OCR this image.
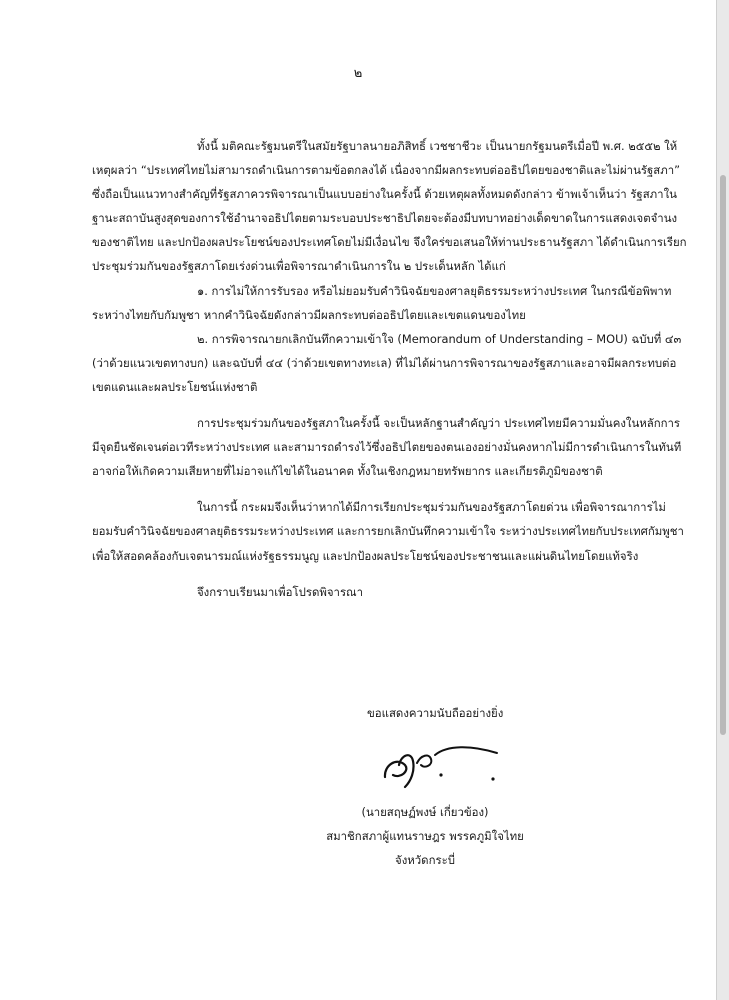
๒

ทั้งนี้ มติคณะรัฐมนตรีในสมัยรัฐบาลนายอภิสิทธิ์ เวชชาชีวะ เป็นนายกรัฐมนตรีเมื่อปี พ.ศ. ๒๕๕๒ ให้เหตุผลว่า “ประเทศไทยไม่สามารถดำเนินการตามข้อตกลงได้ เนื่องจากมีผลกระทบต่ออธิปไตยของชาติและไม่ผ่านรัฐสภา” ซึ่งถือเป็นแนวทางสำคัญที่รัฐสภาควรพิจารณาเป็นแบบอย่างในครั้งนี้ ด้วยเหตุผลทั้งหมดดังกล่าว ข้าพเจ้าเห็นว่า รัฐสภาในฐานะสถาบันสูงสุดของการใช้อำนาจอธิปไตยตามระบอบประชาธิปไตยจะต้องมีบทบาทอย่างเด็ดขาดในการแสดงเจตจำนงของชาติไทย และปกป้องผลประโยชน์ของประเทศโดยไม่มีเงื่อนไข จึงใคร่ขอเสนอให้ท่านประธานรัฐสภา ได้ดำเนินการเรียกประชุมร่วมกันของรัฐสภาโดยเร่งด่วนเพื่อพิจารณาดำเนินการใน ๒ ประเด็นหลัก ได้แก่

๑. การไม่ให้การรับรอง หรือไม่ยอมรับคำวินิจฉัยของศาลยุติธรรมระหว่างประเทศ ในกรณีข้อพิพาทระหว่างไทยกับกัมพูชา หากคำวินิจฉัยดังกล่าวมีผลกระทบต่ออธิปไตยและเขตแดนของไทย

๒. การพิจารณายกเลิกบันทึกความเข้าใจ (Memorandum of Understanding – MOU) ฉบับที่ ๔๓ (ว่าด้วยแนวเขตทางบก) และฉบับที่ ๔๔ (ว่าด้วยเขตทางทะเล) ที่ไม่ได้ผ่านการพิจารณาของรัฐสภาและอาจมีผลกระทบต่อเขตแดนและผลประโยชน์แห่งชาติ

การประชุมร่วมกันของรัฐสภาในครั้งนี้ จะเป็นหลักฐานสำคัญว่า ประเทศไทยมีความมั่นคงในหลักการ มีจุดยืนชัดเจนต่อเวทีระหว่างประเทศ และสามารถดำรงไว้ซึ่งอธิปไตยของตนเองอย่างมั่นคงหากไม่มีการดำเนินการในทันที อาจก่อให้เกิดความเสียหายที่ไม่อาจแก้ไขได้ในอนาคต ทั้งในเชิงกฎหมายทรัพยากร และเกียรติภูมิของชาติ

ในการนี้ กระผมจึงเห็นว่าหากได้มีการเรียกประชุมร่วมกันของรัฐสภาโดยด่วน เพื่อพิจารณาการไม่ยอมรับคำวินิจฉัยของศาลยุติธรรมระหว่างประเทศ และการยกเลิกบันทึกความเข้าใจ ระหว่างประเทศไทยกับประเทศกัมพูชา เพื่อให้สอดคล้องกับเจตนารมณ์แห่งรัฐธรรมนูญ และปกป้องผลประโยชน์ของประชาชนและแผ่นดินไทยโดยแท้จริง

จึงกราบเรียนมาเพื่อโปรดพิจารณา

ขอแสดงความนับถืออย่างยิ่ง
(นายสฤษฏ์พงษ์ เกี่ยวข้อง)
สมาชิกสภาผู้แทนราษฎร พรรคภูมิใจไทย
จังหวัดกระบี่
